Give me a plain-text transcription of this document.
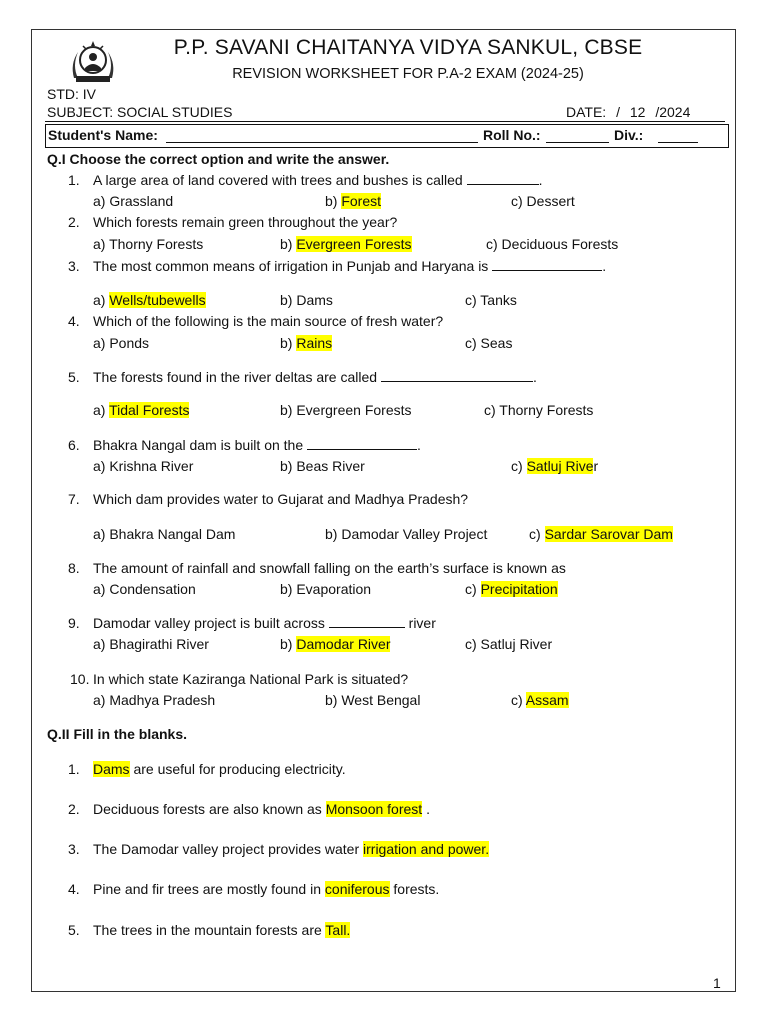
P.P. SAVANI CHAITANYA VIDYA SANKUL, CBSE
REVISION WORKSHEET FOR P.A-2 EXAM (2024-25)
STD: IV
SUBJECT: SOCIAL STUDIES	DATE: / 12 /2024
Student's Name:	Roll No.:	Div.:
Q.I Choose the correct option and write the answer.
1. A large area of land covered with trees and bushes is called	.
a) Grassland	b) Forest	c) Dessert
2. Which forests remain green throughout the year?
a) Thorny Forests	b) Evergreen Forests	c) Deciduous Forests
3. The most common means of irrigation in Punjab and Haryana is	.
a) Wells/tubewells	b) Dams	c) Tanks
4. Which of the following is the main source of fresh water?
a) Ponds	b) Rains	c) Seas
5. The forests found in the river deltas are called	.
a) Tidal Forests	b) Evergreen Forests	c) Thorny Forests
6. Bhakra Nangal dam is built on the	.
a) Krishna River	b) Beas River	c) Satluj River
7. Which dam provides water to Gujarat and Madhya Pradesh?
a) Bhakra Nangal Dam	b) Damodar Valley Project	c) Sardar Sarovar Dam
8. The amount of rainfall and snowfall falling on the earth’s surface is known as
a) Condensation	b) Evaporation	c) Precipitation
9. Damodar valley project is built across	river
a) Bhagirathi River	b) Damodar River	c) Satluj River
10. In which state Kaziranga National Park is situated?
a) Madhya Pradesh	b) West Bengal	c) Assam
Q.II Fill in the blanks.
1. Dams are useful for producing electricity.
2. Deciduous forests are also known as Monsoon forest .
3. The Damodar valley project provides water irrigation and power.
4. Pine and fir trees are mostly found in coniferous forests.
5. The trees in the mountain forests are Tall.
1
